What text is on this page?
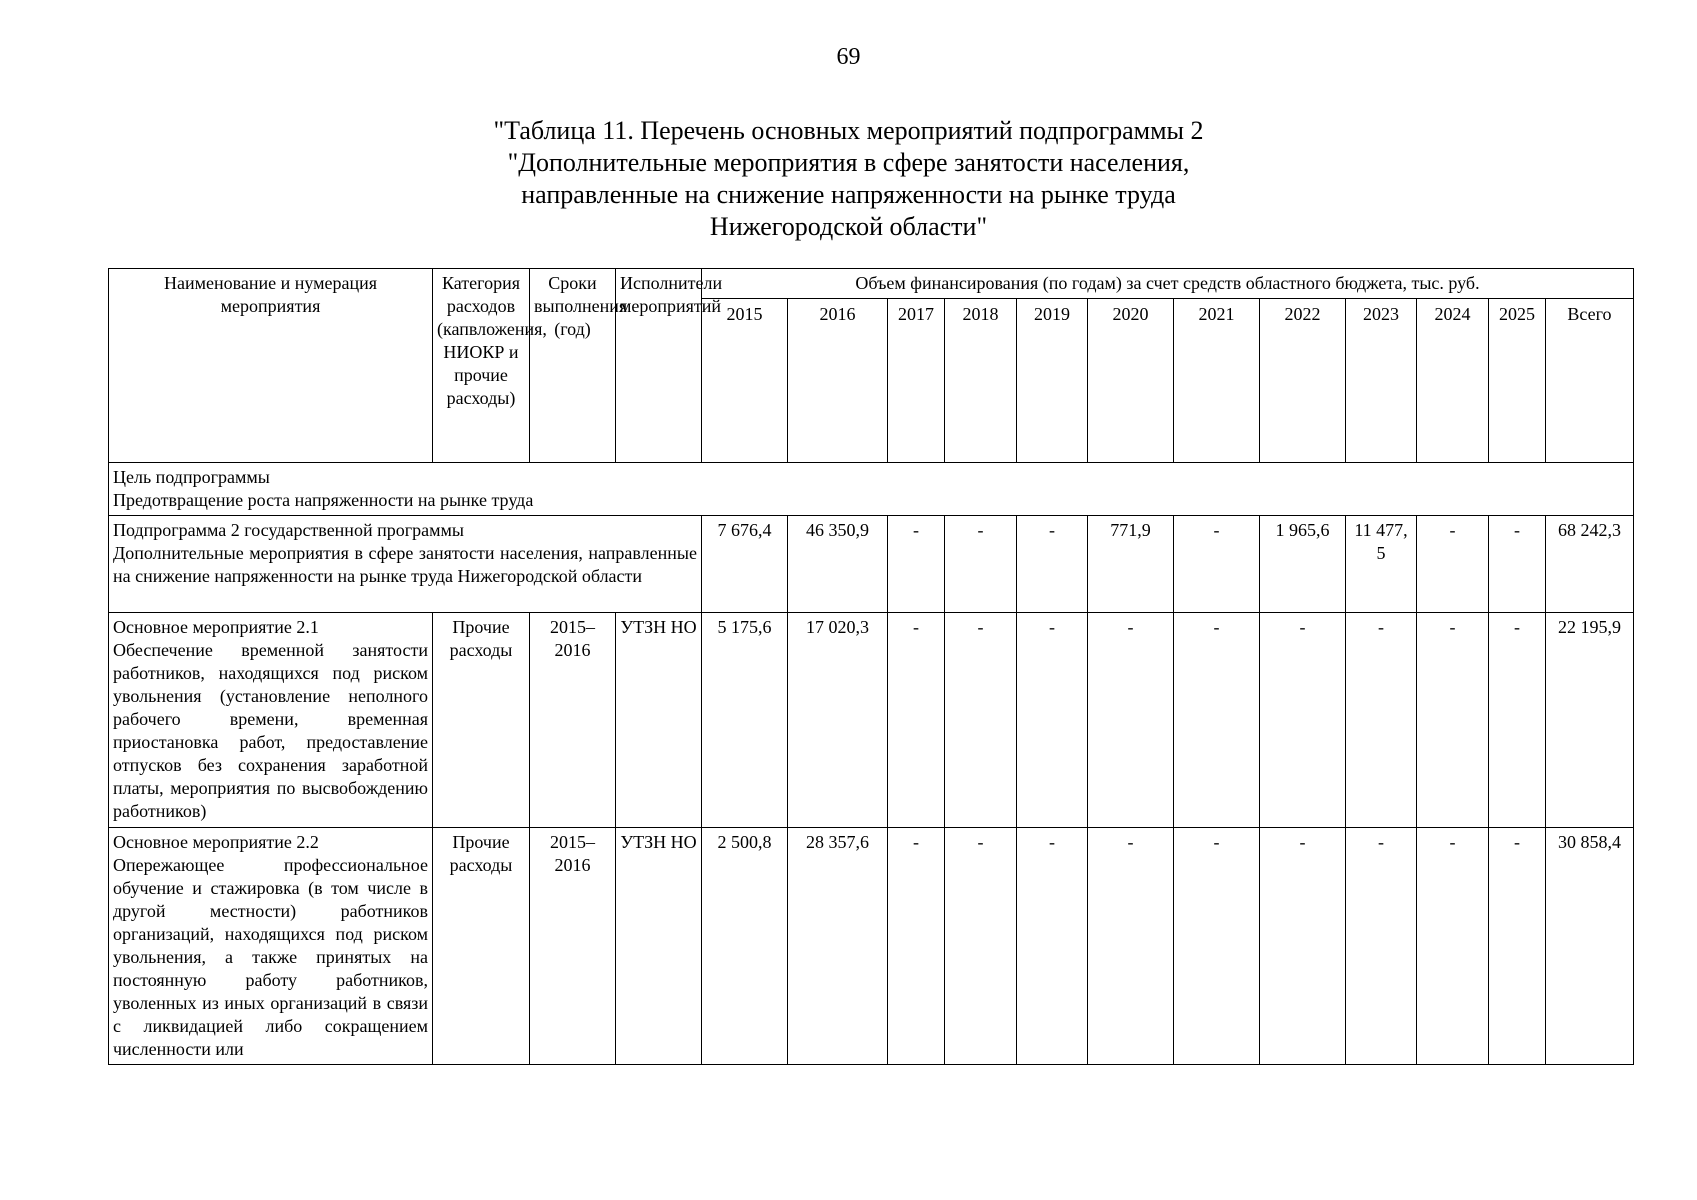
69
"Таблица 11. Перечень основных мероприятий подпрограммы 2
"Дополнительные мероприятия в сфере занятости населения,
направленные на снижение напряженности на рынке труда
Нижегородской области"
Наименование и нумерация мероприятия	Категория расходов (капвложения, НИОКР и прочие расходы)	Сроки выполнения (год)	Исполнители мероприятий	Объем финансирования (по годам) за счет средств областного бюджета, тыс. руб.											
				2015	2016	2017	2018	2019	2020	2021	2022	2023	2024	2025	Всего

Цель подпрограммы
Предотвращение роста напряженности на рынке труда															

Подпрограмма 2 государственной программы
Дополнительные мероприятия в сфере занятости населения, направленные на снижение напряженности на рынке труда Нижегородской области				7 676,4	46 350,9	-	-	-	771,9	-	1 965,6	11 477,5	-	-	68 242,3

Основное мероприятие 2.1
Обеспечение временной занятости работников, находящихся под риском увольнения (установление неполного рабочего времени, временная приостановка работ, предоставление отпусков без сохранения заработной платы, мероприятия по высвобождению работников)	Прочие расходы	2015–2016	УТЗН НО	5 175,6	17 020,3	-	-	-	-	-	-	-	-	-	22 195,9

Основное мероприятие 2.2
Опережающее профессиональное обучение и стажировка (в том числе в другой местности) работников организаций, находящихся под риском увольнения, а также принятых на постоянную работу работников, уволенных из иных организаций в связи с ликвидацией либо сокращением численности или	Прочие расходы	2015–2016	УТЗН НО	2 500,8	28 357,6	-	-	-	-	-	-	-	-	-	30 858,4
